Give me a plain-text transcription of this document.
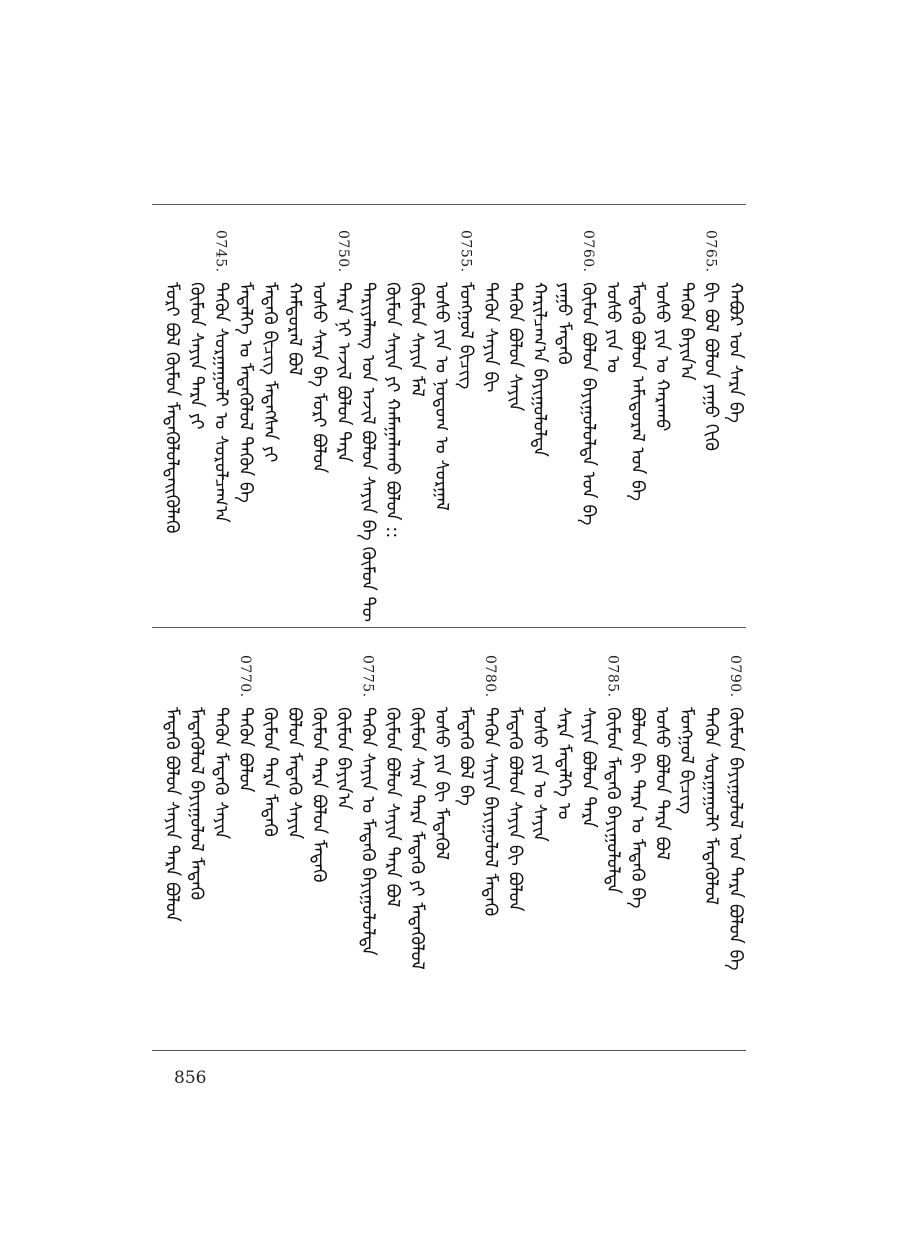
ᠬᠠᠪᠤᠷ ᠤᠨ ᠰᠠᠷᠠ ᠪᠡ
0765.
ᠪᠢ ᠪᠣᠯ ᠪᠣᠯᠤᠨ ᠶᠠᠭᠤ ᠬᠢᠬᠦ
ᠲᠡᠭᠦᠨ ᠪᠠᠶᠢᠨ᠎ᠠ
ᠤᠰᠤ ᠶᠢᠨ ᠤ ᠬᠠᠷᠠᠬᠤ
ᠮᠡᠳᠡᠬᠦ ᠪᠣᠯᠤᠨ ᠠᠮᠢᠳᠤᠷᠠᠯ ᠤᠨ ᠪᠡ
ᠤᠰᠤ ᠶᠢᠨ ᠤ
0760.
ᠬᠦᠮᠦᠨ ᠪᠣᠯᠤᠨ ᠪᠠᠶᠢᠭᠤᠯᠤᠯᠲᠠ ᠤᠨ ᠪᠡ
ᠶᠠᠭᠤ ᠮᠡᠳᠡᠬᠦ
ᠬᠠᠷᠢᠯᠴᠠᠭ᠎ᠠ ᠪᠠᠶᠢᠭᠤᠯᠤᠯᠲᠠ
ᠲᠡᠭᠦᠨ ᠪᠣᠯᠤᠨ ᠰᠠᠶᠢᠨ
ᠲᠡᠭᠦᠨ ᠰᠠᠶᠢᠨ ᠪᠢ
0755.
ᠮᠣᠩᠭᠣᠯ ᠪᠢᠴᠢᠭ
ᠤᠰᠤ ᠶᠢᠨ ᠤ ᠨᠤᠲᠤᠭ ᠤ ᠰᠤᠷᠭᠠᠯ
ᠬᠦᠮᠦᠨ ᠰᠠᠶᠢᠨ ᠮᠠᠯ
ᠬᠦᠮᠦᠨ ᠰᠠᠶᠢᠨ ᠶᠢ ᠬᠠᠮᠠᠭᠠᠯᠠᠬᠤ ᠪᠣᠯᠤᠨ ::
ᠲᠠᠷᠢᠶᠠᠯᠠᠩ ᠤᠨ ᠠᠵᠢᠯ ᠪᠣᠯᠤᠨ ᠰᠠᠶᠢᠨ ᠪᠠ ᠬᠦᠮᠦᠨ ᠲᠦ
0750.
ᠲᠡᠷᠡ ᠨᠢ ᠠᠵᠢᠯ ᠪᠣᠯᠤᠨ ᠲᠡᠷᠡ
ᠤᠰᠤ ᠰᠠᠷᠠ ᠪᠡ ᠮᠣᠷᠢ ᠪᠣᠯᠤᠨ
ᠬᠠᠮᠲᠤᠷᠠᠯ ᠪᠣᠯ
ᠮᠡᠳᠡᠬᠦ ᠪᠢᠴᠢᠭ ᠮᠡᠳᠡᠭᠰᠡᠨ ᠶᠢ
ᠮᠡᠳᠡᠯᠭᠡ ᠤ ᠮᠡᠳᠡᠭᠦᠯᠦᠯ ᠲᠡᠭᠦᠨ ᠪᠡ
0745.
ᠲᠡᠭᠦᠨ ᠰᠤᠷᠭᠠᠭᠤᠯᠢ ᠤ ᠰᠤᠷᠤᠯᠴᠠᠭ᠎ᠠ
ᠬᠦᠮᠦᠨ ᠰᠠᠶᠢᠨ ᠲᠡᠷᠡ ᠶᠢ
ᠮᠣᠷᠢ ᠪᠣᠯ ᠬᠦᠮᠦᠨ ᠮᠡᠳᠡᠭᠦᠯᠦᠯᠲᠡᠢᠬᠦᠯᠡᠬᠦ
0790.
ᠬᠦᠮᠦᠨ ᠪᠠᠶᠢᠭᠤᠯᠤᠯ ᠤᠨ ᠲᠡᠷᠡ ᠪᠣᠯᠤᠨ ᠪᠡ
ᠲᠡᠭᠦᠨ ᠰᠤᠷᠭᠠᠭᠤᠯᠢ ᠮᠡᠳᠡᠭᠦᠯᠦᠯ
ᠮᠣᠩᠭᠣᠯ ᠪᠢᠴᠢᠭ
ᠤᠰᠤ ᠪᠣᠯᠤᠨ ᠲᠡᠷᠡ ᠪᠣᠯ
ᠪᠣᠯᠤᠨ ᠪᠢ ᠲᠡᠷᠡ ᠤ ᠮᠡᠳᠡᠬᠦ ᠪᠡ
0785.
ᠬᠦᠮᠦᠨ ᠮᠡᠳᠡᠬᠦ ᠪᠠᠶᠢᠭᠤᠯᠤᠯᠲᠠ
ᠰᠠᠶᠢᠨ ᠪᠣᠯᠤᠨ ᠲᠡᠷᠡ
ᠰᠠᠷᠠ ᠮᠡᠳᠡᠯᠭᠡ ᠤ
ᠤᠰᠤ ᠶᠢᠨ ᠤ ᠰᠠᠶᠢᠨ
ᠮᠡᠳᠡᠬᠦ ᠪᠣᠯᠤᠨ ᠰᠠᠶᠢᠨ ᠪᠢ ᠪᠣᠯᠤᠨ
0780.
ᠲᠡᠭᠦᠨ ᠰᠠᠶᠢᠨ ᠪᠠᠶᠢᠭᠤᠯᠤᠯ ᠮᠡᠳᠡᠬᠦ
ᠮᠡᠳᠡᠬᠦ ᠪᠣᠯ ᠪᠡ
ᠤᠰᠤ ᠶᠢᠨ ᠪᠢ ᠮᠡᠳᠡᠭᠦᠯ
ᠬᠦᠮᠦᠨ ᠰᠠᠷᠠ ᠲᠡᠷᠡ ᠮᠡᠳᠡᠬᠦ ᠶᠢ ᠮᠡᠳᠡᠭᠦᠯᠦᠯ
ᠬᠦᠮᠦᠨ ᠪᠣᠯᠤᠨ ᠰᠠᠶᠢᠨ ᠲᠡᠷᠡ ᠪᠣᠯ
0775.
ᠲᠡᠭᠦᠨ ᠰᠠᠶᠢᠨ ᠤ ᠮᠡᠳᠡᠬᠦ ᠪᠠᠶᠢᠭᠤᠯᠤᠯᠲᠠ
ᠬᠦᠮᠦᠨ ᠪᠠᠶᠢᠨ᠎ᠠ
ᠬᠦᠮᠦᠨ ᠲᠡᠷᠡ ᠪᠣᠯᠤᠨ ᠮᠡᠳᠡᠬᠦ
ᠪᠣᠯᠤᠨ ᠮᠡᠳᠡᠬᠦ ᠰᠠᠶᠢᠨ
ᠬᠦᠮᠦᠨ ᠲᠡᠷᠡ ᠮᠡᠳᠡᠬᠦ
0770.
ᠲᠡᠭᠦᠨ ᠪᠣᠯᠤᠨ
ᠲᠡᠭᠦᠨ ᠮᠡᠳᠡᠬᠦ ᠰᠠᠶᠢᠨ
ᠮᠡᠳᠡᠭᠦᠯᠦᠯ ᠪᠠᠶᠢᠭᠤᠯᠤᠯ ᠮᠡᠳᠡᠬᠦ
ᠮᠡᠳᠡᠬᠦ ᠪᠣᠯᠤᠨ ᠰᠠᠶᠢᠨ ᠲᠡᠷᠡ ᠪᠣᠯᠤᠨ
856
